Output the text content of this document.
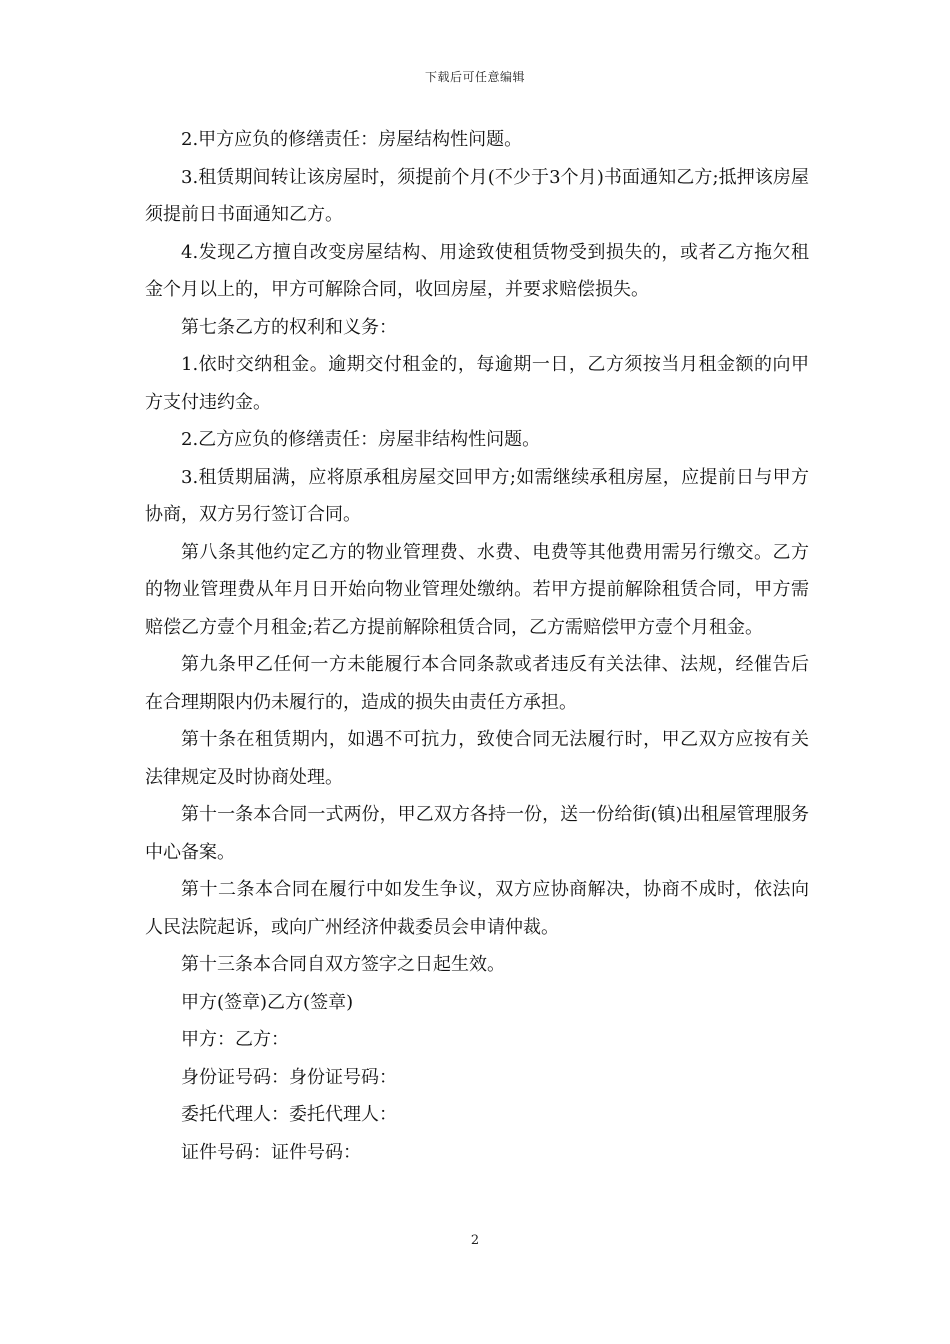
下载后可任意编辑

2.甲方应负的修缮责任：房屋结构性问题。

3.租赁期间转让该房屋时，须提前个月(不少于3个月)书面通知乙方;抵押该房屋须提前日书面通知乙方。

4.发现乙方擅自改变房屋结构、用途致使租赁物受到损失的，或者乙方拖欠租金个月以上的，甲方可解除合同，收回房屋，并要求赔偿损失。

第七条乙方的权利和义务：

1.依时交纳租金。逾期交付租金的，每逾期一日，乙方须按当月租金额的向甲方支付违约金。

2.乙方应负的修缮责任：房屋非结构性问题。

3.租赁期届满，应将原承租房屋交回甲方;如需继续承租房屋，应提前日与甲方协商，双方另行签订合同。

第八条其他约定乙方的物业管理费、水费、电费等其他费用需另行缴交。乙方的物业管理费从年月日开始向物业管理处缴纳。若甲方提前解除租赁合同，甲方需赔偿乙方壹个月租金;若乙方提前解除租赁合同，乙方需赔偿甲方壹个月租金。

第九条甲乙任何一方未能履行本合同条款或者违反有关法律、法规，经催告后在合理期限内仍未履行的，造成的损失由责任方承担。

第十条在租赁期内，如遇不可抗力，致使合同无法履行时，甲乙双方应按有关法律规定及时协商处理。

第十一条本合同一式两份，甲乙双方各持一份，送一份给街(镇)出租屋管理服务中心备案。

第十二条本合同在履行中如发生争议，双方应协商解决，协商不成时，依法向人民法院起诉，或向广州经济仲裁委员会申请仲裁。

第十三条本合同自双方签字之日起生效。

甲方(签章)乙方(签章)

甲方：乙方：

身份证号码：身份证号码：

委托代理人：委托代理人：

证件号码：证件号码：

2
